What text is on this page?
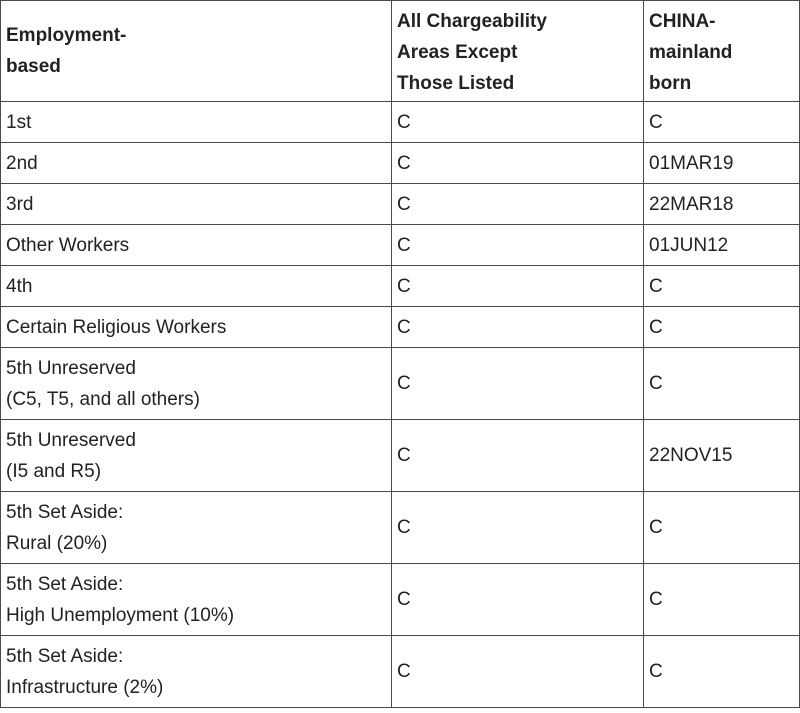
Employment-
based	All Chargeability
Areas Except
Those Listed	CHINA-
mainland
born

1st	C	C

2nd	C	01MAR19

3rd	C	22MAR18

Other Workers	C	01JUN12

4th	C	C

Certain Religious Workers	C	C

5th Unreserved
(C5, T5, and all others)	C	C

5th Unreserved
(I5 and R5)	C	22NOV15

5th Set Aside:
Rural (20%)	C	C

5th Set Aside:
High Unemployment (10%)	C	C

5th Set Aside:
Infrastructure (2%)	C	C
